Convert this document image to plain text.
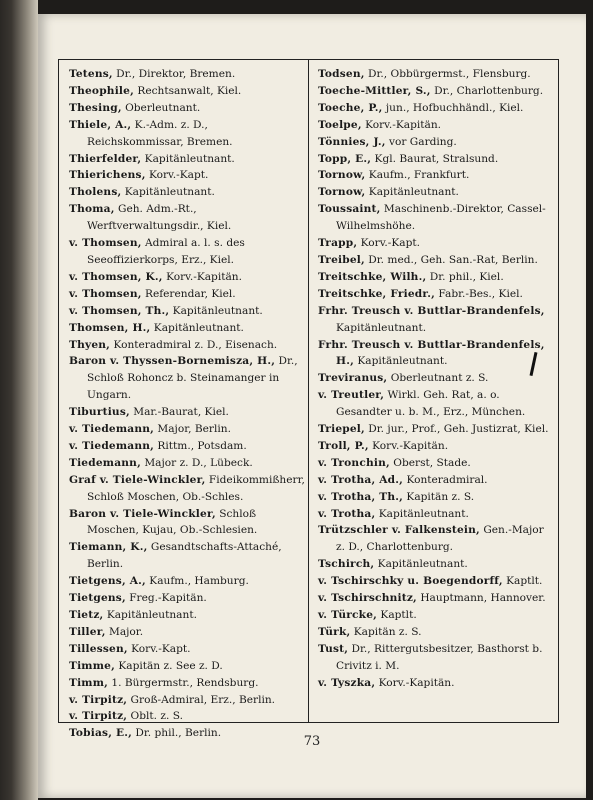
Tetens, Dr., Direktor, Bremen.
Theophile, Rechtsanwalt, Kiel.
Thesing, Oberleutnant.
Thiele, A., K.-Adm. z. D., Reichskommissar, Bremen.
Thierfelder, Kapitänleutnant.
Thierichens, Korv.-Kapt.
Tholens, Kapitänleutnant.
Thoma, Geh. Adm.-Rt., Werftverwaltungsdir., Kiel.
v. Thomsen, Admiral a. l. s. des Seeoffizierkorps, Erz., Kiel.
v. Thomsen, K., Korv.-Kapitän.
v. Thomsen, Referendar, Kiel.
v. Thomsen, Th., Kapitänleutnant.
Thomsen, H., Kapitänleutnant.
Thyen, Konteradmiral z. D., Eisenach.
Baron v. Thyssen-Bornemisza, H., Dr., Schloß Rohoncz b. Steinamanger in Ungarn.
Tiburtius, Mar.-Baurat, Kiel.
v. Tiedemann, Major, Berlin.
v. Tiedemann, Rittm., Potsdam.
Tiedemann, Major z. D., Lübeck.
Graf v. Tiele-Winckler, Fideikommißherr, Schloß Moschen, Ob.-Schles.
Baron v. Tiele-Winckler, Schloß Moschen, Kujau, Ob.-Schlesien.
Tiemann, K., Gesandtschafts-Attaché, Berlin.
Tietgens, A., Kaufm., Hamburg.
Tietgens, Freg.-Kapitän.
Tietz, Kapitänleutnant.
Tiller, Major.
Tillessen, Korv.-Kapt.
Timme, Kapitän z. See z. D.
Timm, 1. Bürgermstr., Rendsburg.
v. Tirpitz, Groß-Admiral, Erz., Berlin.
v. Tirpitz, Oblt. z. S.
Tobias, E., Dr. phil., Berlin.
Todsen, Dr., Obbürgermst., Flensburg.
Toeche-Mittler, S., Dr., Charlottenburg.
Toeche, P., jun., Hofbuchhändl., Kiel.
Toelpe, Korv.-Kapitän.
Tönnies, J., vor Garding.
Topp, E., Kgl. Baurat, Stralsund.
Tornow, Kaufm., Frankfurt.
Tornow, Kapitänleutnant.
Toussaint, Maschinenb.-Direktor, Cassel-Wilhelmshöhe.
Trapp, Korv.-Kapt.
Treibel, Dr. med., Geh. San.-Rat, Berlin.
Treitschke, Wilh., Dr. phil., Kiel.
Treitschke, Friedr., Fabr.-Bes., Kiel.
Frhr. Treusch v. Buttlar-Brandenfels, Kapitänleutnant.
Frhr. Treusch v. Buttlar-Brandenfels, H., Kapitänleutnant.
Treviranus, Oberleutnant z. S.
v. Treutler, Wirkl. Geh. Rat, a. o. Gesandter u. b. M., Erz., München.
Triepel, Dr. jur., Prof., Geh. Justizrat, Kiel.
Troll, P., Korv.-Kapitän.
v. Tronchin, Oberst, Stade.
v. Trotha, Ad., Konteradmiral.
v. Trotha, Th., Kapitän z. S.
v. Trotha, Kapitänleutnant.
Trützschler v. Falkenstein, Gen.-Major z. D., Charlottenburg.
Tschirch, Kapitänleutnant.
v. Tschirschky u. Boegendorff, Kaptlt.
v. Tschirschnitz, Hauptmann, Hannover.
v. Türcke, Kaptlt.
Türk, Kapitän z. S.
Tust, Dr., Rittergutsbesitzer, Basthorst b. Crivitz i. M.
v. Tyszka, Korv.-Kapitän.
73
